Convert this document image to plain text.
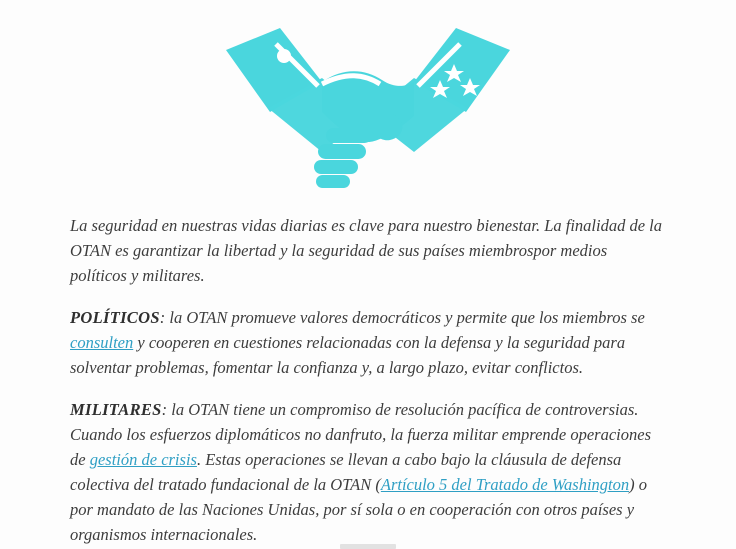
La seguridad en nuestras vidas diarias es clave para nuestro bienestar. La finalidad de la OTAN es garantizar la libertad y la seguridad de sus países miembrospor medios políticos y militares.

POLÍTICOS: la OTAN promueve valores democráticos y permite que los miembros se consulten y cooperen en cuestiones relacionadas con la defensa y la seguridad para solventar problemas, fomentar la confianza y, a largo plazo, evitar conflictos.

MILITARES: la OTAN tiene un compromiso de resolución pacífica de controversias. Cuando los esfuerzos diplomáticos no danfruto, la fuerza militar emprende operaciones de gestión de crisis. Estas operaciones se llevan a cabo bajo la cláusula de defensa colectiva del tratado fundacional de la OTAN (Artículo 5 del Tratado de Washington) o por mandato de las Naciones Unidas, por sí sola o en cooperación con otros países y organismos internacionales.
